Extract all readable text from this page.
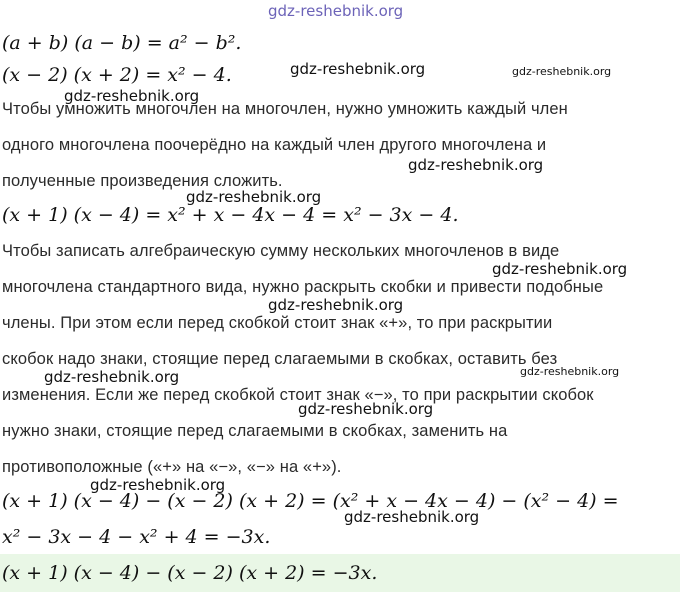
gdz-reshebnik.org
gdz-reshebnik.org	gdz-reshebnik.org
gdz-reshebnik.org
gdz-reshebnik.org
gdz-reshebnik.org
gdz-reshebnik.org
gdz-reshebnik.org
gdz-reshebnik.org
gdz-reshebnik.org
gdz-reshebnik.org
gdz-reshebnik.org
gdz-reshebnik.org
(a + b) (a − b) = a² − b².
(x − 2) (x + 2) = x² − 4.
Чтобы умножить многочлен на многочлен, нужно умножить каждый член
одного многочлена поочерёдно на каждый член другого многочлена и
полученные произведения сложить.
(x + 1) (x − 4) = x² + x − 4x − 4 = x² − 3x − 4.
Чтобы записать алгебраическую сумму нескольких многочленов в виде
многочлена стандартного вида, нужно раскрыть скобки и привести подобные
члены. При этом если перед скобкой стоит знак «+», то при раскрытии
скобок надо знаки, стоящие перед слагаемыми в скобках, оставить без
изменения. Если же перед скобкой стоит знак «−», то при раскрытии скобок
нужно знаки, стоящие перед слагаемыми в скобках, заменить на
противоположные («+» на «−», «−» на «+»).
(x + 1) (x − 4) − (x − 2) (x + 2) = (x² + x − 4x − 4) − (x² − 4) =
x² − 3x − 4 − x² + 4 = −3x.
(x + 1) (x − 4) − (x − 2) (x + 2) = −3x.
